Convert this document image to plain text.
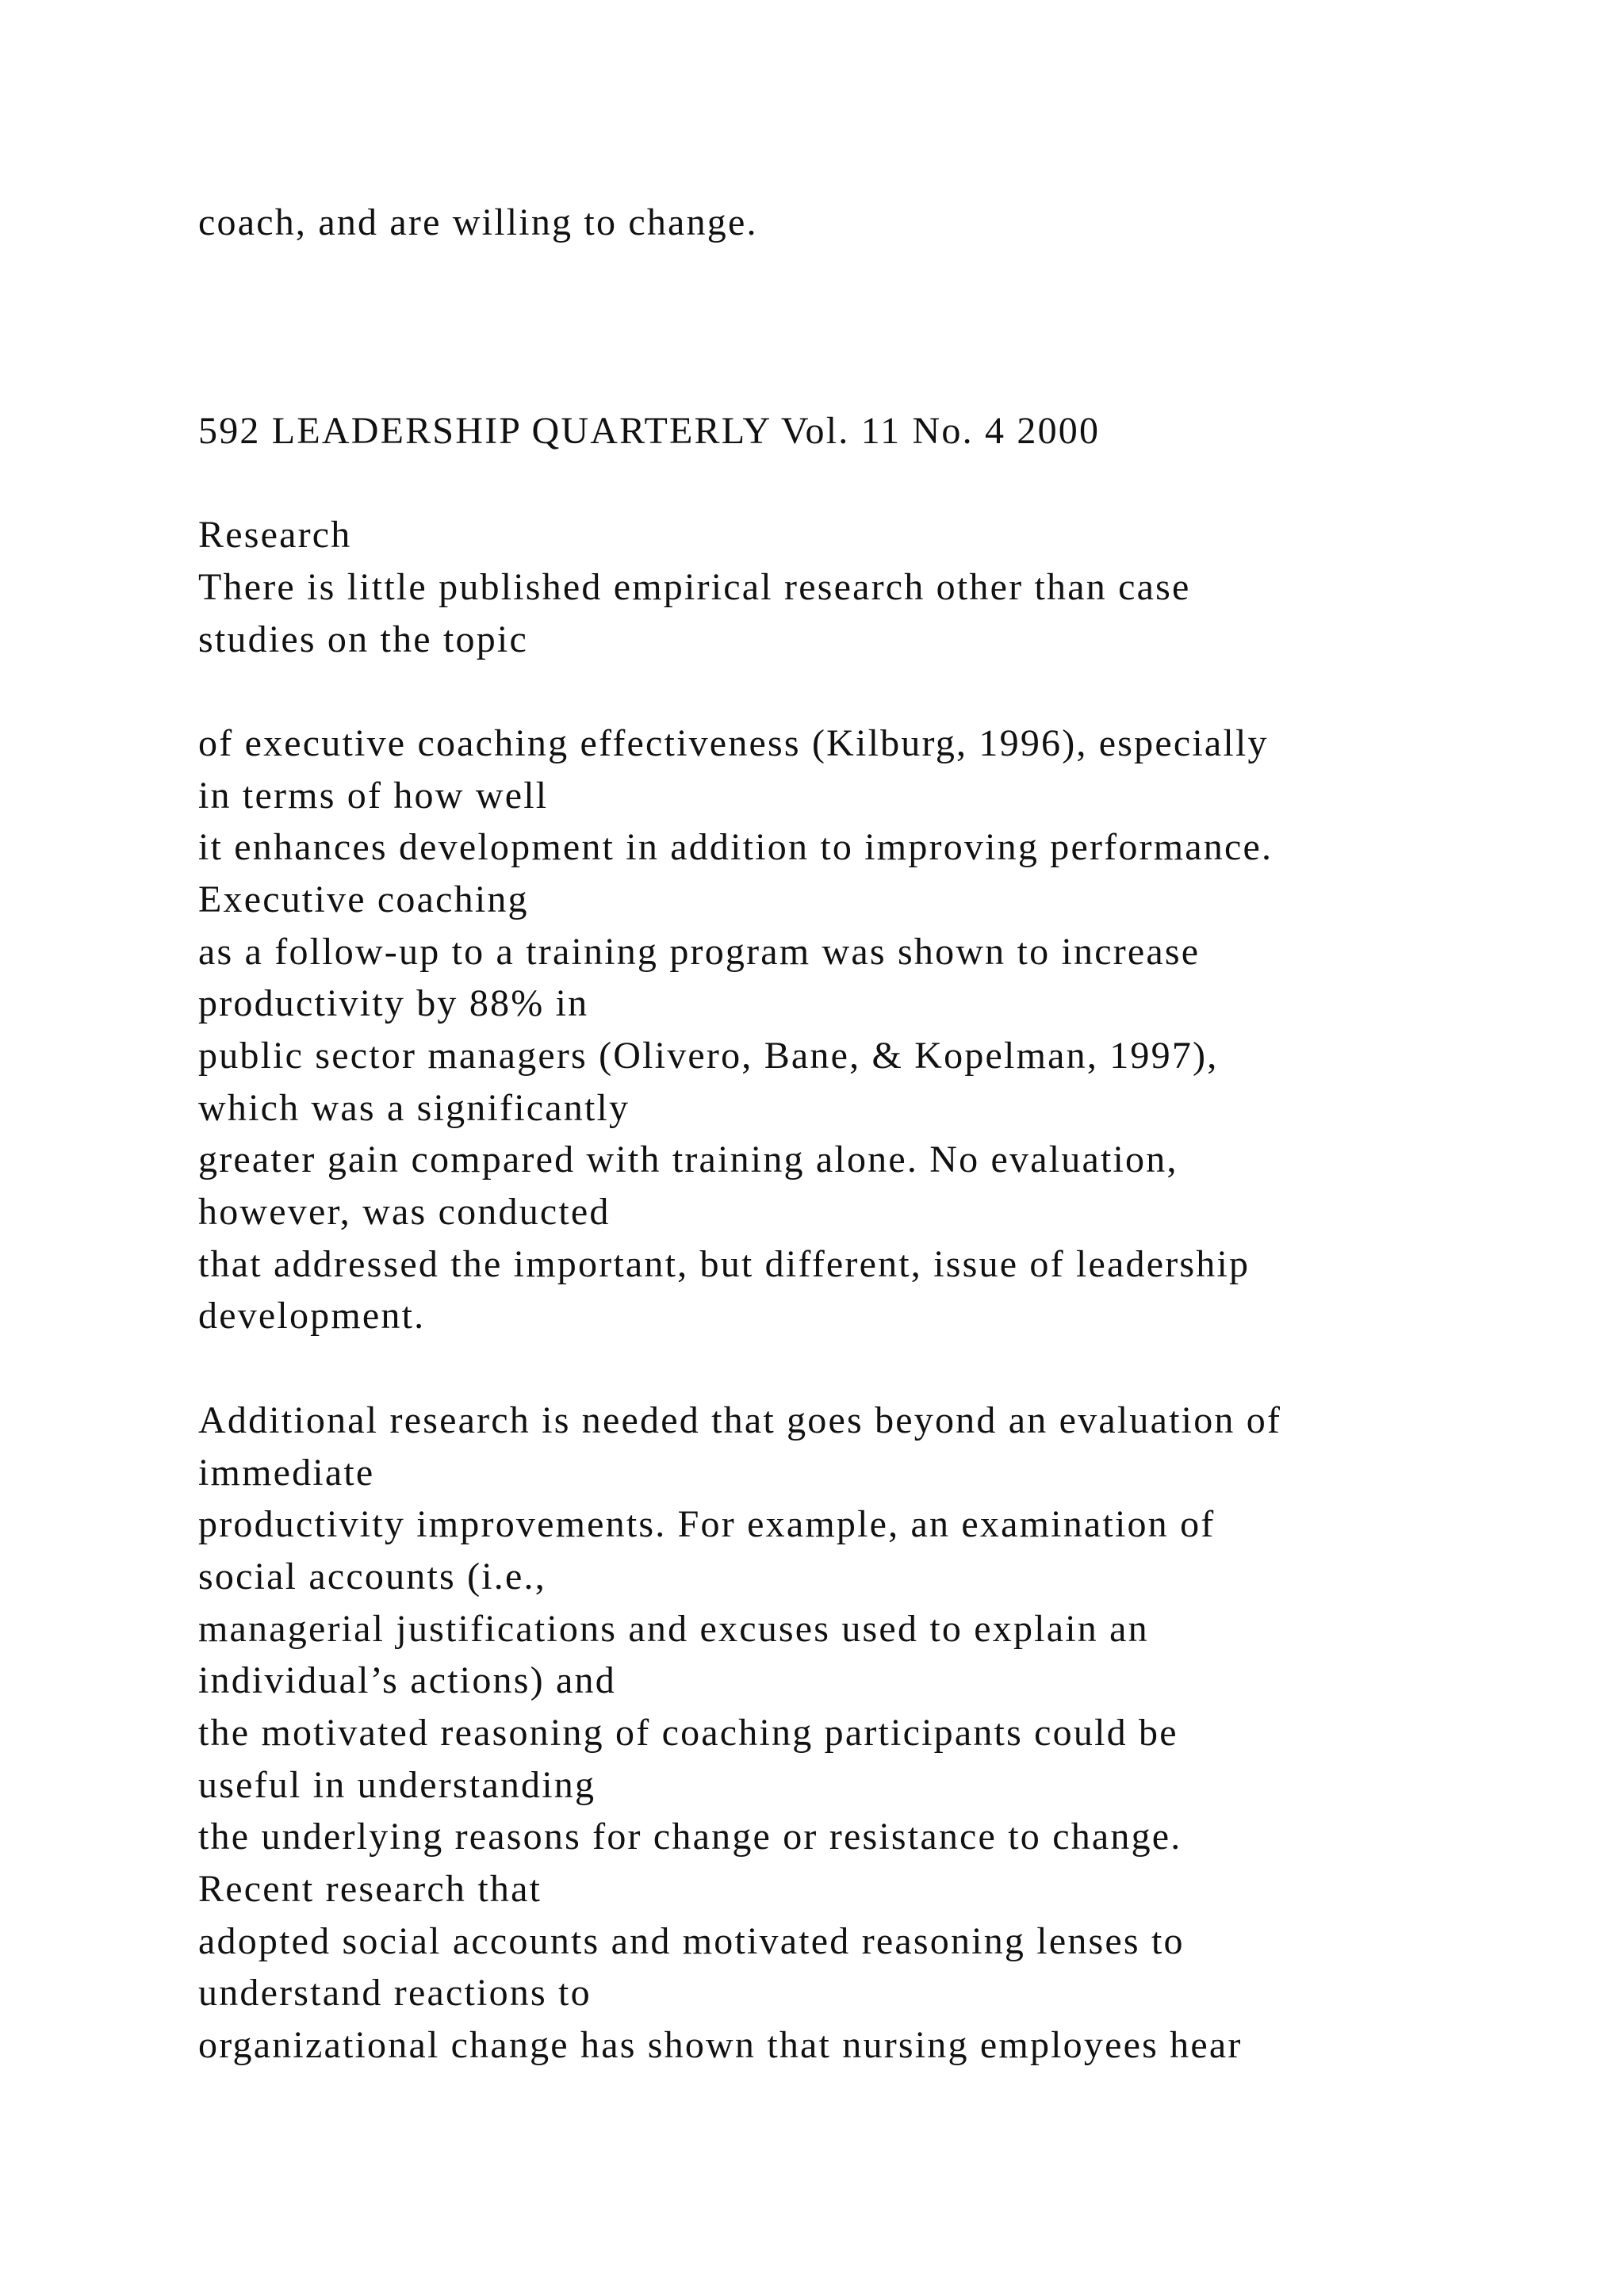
coach, and are willing to change.
592 LEADERSHIP QUARTERLY Vol. 11 No. 4 2000
Research
There is little published empirical research other than case
studies on the topic
of executive coaching effectiveness (Kilburg, 1996), especially
in terms of how well
it enhances development in addition to improving performance.
Executive coaching
as a follow-up to a training program was shown to increase
productivity by 88% in
public sector managers (Olivero, Bane, & Kopelman, 1997),
which was a significantly
greater gain compared with training alone. No evaluation,
however, was conducted
that addressed the important, but different, issue of leadership
development.
Additional research is needed that goes beyond an evaluation of
immediate
productivity improvements. For example, an examination of
social accounts (i.e.,
managerial justifications and excuses used to explain an
individual’s actions) and
the motivated reasoning of coaching participants could be
useful in understanding
the underlying reasons for change or resistance to change.
Recent research that
adopted social accounts and motivated reasoning lenses to
understand reactions to
organizational change has shown that nursing employees hear
